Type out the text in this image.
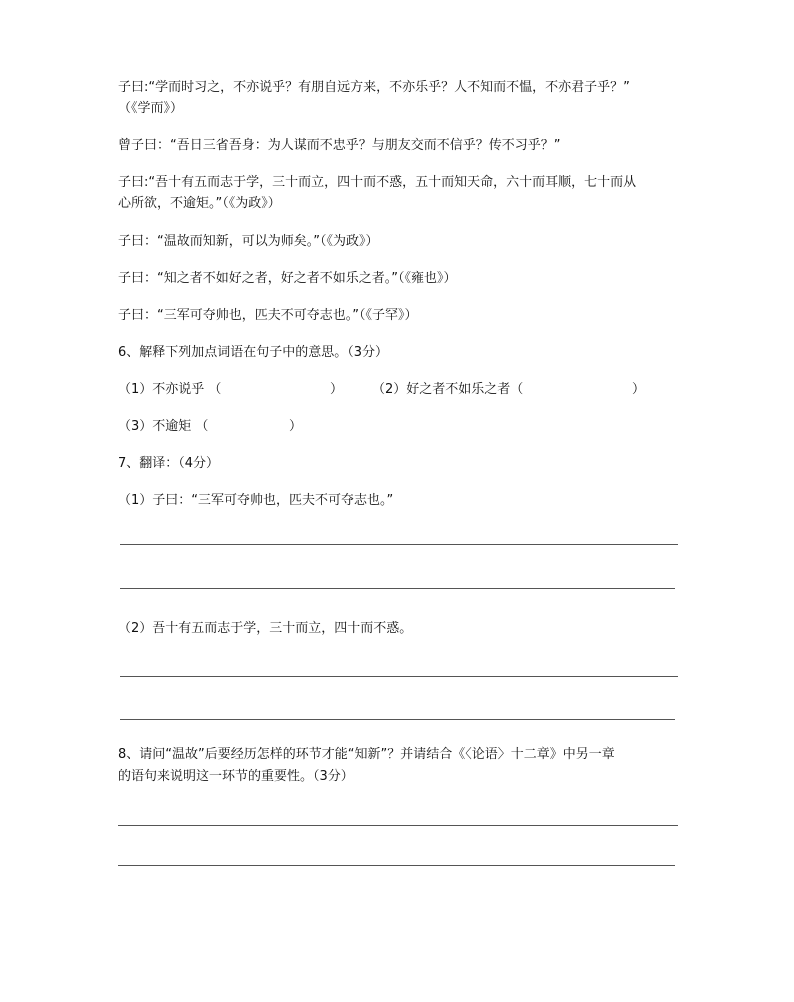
子曰:“学而时习之，不亦说乎？有朋自远方来，不亦乐乎？人不知而不愠，不亦君子乎？”
（《学而》）
曾子曰：“吾日三省吾身：为人谋而不忠乎？与朋友交而不信乎？传不习乎？”
子曰:“吾十有五而志于学，三十而立，四十而不惑，五十而知天命，六十而耳顺，七十而从
心所欲，不逾矩。”（《为政》）
子曰：“温故而知新，可以为师矣。”（《为政》）
子曰：“知之者不如好之者，好之者不如乐之者。”（《雍也》）
子曰：“三军可夺帅也，匹夫不可夺志也。”（《子罕》）
6、解释下列加点词语在句子中的意思。（3分）
（1）不亦说乎 （	） （2）好之者不如乐之者（	）
（3）不逾矩 （	）
7、翻译：（4分）
（1）子曰：“三军可夺帅也，匹夫不可夺志也。”
（2）吾十有五而志于学，三十而立，四十而不惑。
8、请问“温故”后要经历怎样的环节才能“知新”？并请结合《〈论语〉十二章》中另一章
的语句来说明这一环节的重要性。（3分）
